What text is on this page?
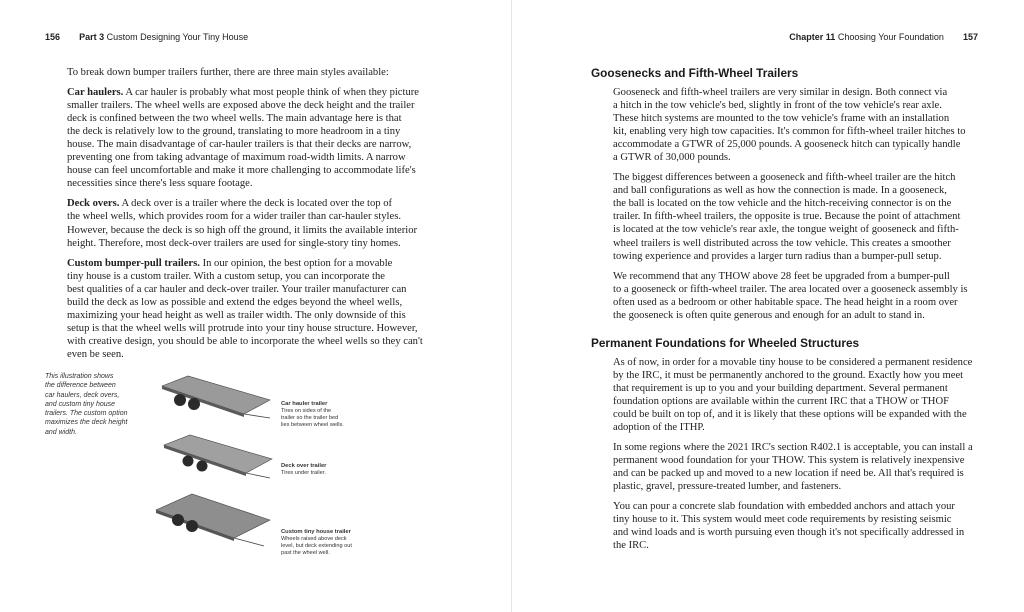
156 Part 3 Custom Designing Your Tiny House

To break down bumper trailers further, there are three main styles available:

Car haulers. A car hauler is probably what most people think of when they picture
smaller trailers. The wheel wells are exposed above the deck height and the trailer
deck is confined between the two wheel wells. The main advantage here is that
the deck is relatively low to the ground, translating to more headroom in a tiny
house. The main disadvantage of car-hauler trailers is that their decks are narrow,
preventing one from taking advantage of maximum road-width limits. A narrow
house can feel uncomfortable and make it more challenging to accommodate life's
necessities since there's less square footage.

Deck overs. A deck over is a trailer where the deck is located over the top of
the wheel wells, which provides room for a wider trailer than car-hauler styles.
However, because the deck is so high off the ground, it limits the available interior
height. Therefore, most deck-over trailers are used for single-story tiny homes.

Custom bumper-pull trailers. In our opinion, the best option for a movable
tiny house is a custom trailer. With a custom setup, you can incorporate the
best qualities of a car hauler and deck-over trailer. Your trailer manufacturer can
build the deck as low as possible and extend the edges beyond the wheel wells,
maximizing your head height as well as trailer width. The only downside of this
setup is that the wheel wells will protrude into your tiny house structure. However,
with creative design, you should be able to incorporate the wheel wells so they can't
even be seen.

This illustration shows
the difference between
car haulers, deck overs,
and custom tiny house
trailers. The custom option
maximizes the deck height
and width.
Car hauler trailer
Tires on sides of the
trailer so the trailer bed
lies between wheel wells.
Deck over trailer
Tires under trailer.
Custom tiny house trailer
Wheels raised above deck
level, but deck extending out
past the wheel well.
Chapter 11 Choosing Your Foundation 157
Goosenecks and Fifth-Wheel Trailers

Gooseneck and fifth-wheel trailers are very similar in design. Both connect via
a hitch in the tow vehicle's bed, slightly in front of the tow vehicle's rear axle.
These hitch systems are mounted to the tow vehicle's frame with an installation
kit, enabling very high tow capacities. It's common for fifth-wheel trailer hitches to
accommodate a GTWR of 25,000 pounds. A gooseneck hitch can typically handle
a GTWR of 30,000 pounds.

The biggest differences between a gooseneck and fifth-wheel trailer are the hitch
and ball configurations as well as how the connection is made. In a gooseneck,
the ball is located on the tow vehicle and the hitch-receiving connector is on the
trailer. In fifth-wheel trailers, the opposite is true. Because the point of attachment
is located at the tow vehicle's rear axle, the tongue weight of gooseneck and fifth-
wheel trailers is well distributed across the tow vehicle. This creates a smoother
towing experience and provides a larger turn radius than a bumper-pull setup.

We recommend that any THOW above 28 feet be upgraded from a bumper-pull
to a gooseneck or fifth-wheel trailer. The area located over a gooseneck assembly is
often used as a bedroom or other habitable space. The head height in a room over
the gooseneck is often quite generous and enough for an adult to stand in.

Permanent Foundations for Wheeled Structures

As of now, in order for a movable tiny house to be considered a permanent residence
by the IRC, it must be permanently anchored to the ground. Exactly how you meet
that requirement is up to you and your building department. Several permanent
foundation options are available within the current IRC that a THOW or THOF
could be built on top of, and it is likely that these options will be expanded with the
adoption of the ITHP.

In some regions where the 2021 IRC's section R402.1 is acceptable, you can install a
permanent wood foundation for your THOW. This system is relatively inexpensive
and can be packed up and moved to a new location if need be. All that's required is
plastic, gravel, pressure-treated lumber, and fasteners.

You can pour a concrete slab foundation with embedded anchors and attach your
tiny house to it. This system would meet code requirements by resisting seismic
and wind loads and is worth pursuing even though it's not specifically addressed in
the IRC.
